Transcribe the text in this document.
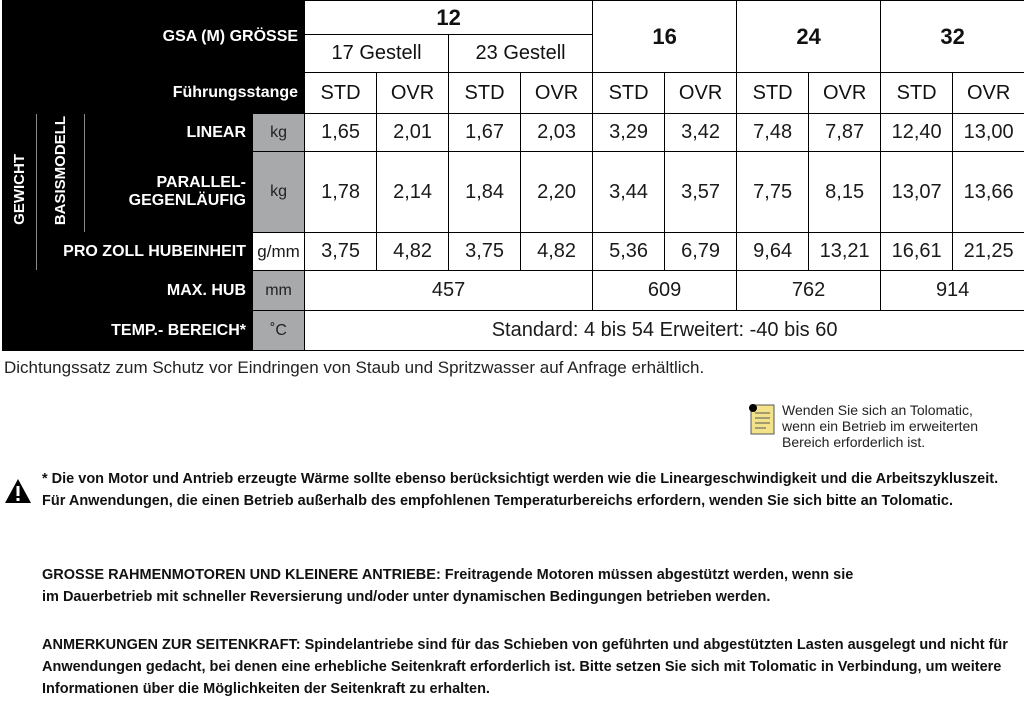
GSA (M) GRÖSSE				12				16		24		32	
				17 Gestell		23 Gestell							
Führungsstange				STD	OVR	STD	OVR	STD	OVR	STD	OVR	STD	OVR
GEWICHT	BASISMODELL	LINEAR	kg	1,65	2,01	1,67	2,03	3,29	3,42	7,48	7,87	12,40	13,00
		PARALLEL-
GEGENLÄUFIG	kg	1,78	2,14	1,84	2,20	3,44	3,57	7,75	8,15	13,07	13,66
	PRO ZOLL HUBEINHEIT		g/mm	3,75	4,82	3,75	4,82	5,36	6,79	9,64	13,21	16,61	21,25
MAX. HUB			mm	457				609		762		914	
TEMP.- BEREICH*			˚C	Standard: 4 bis 54 Erweitert: -40 bis 60									
Dichtungssatz zum Schutz vor Eindringen von Staub und Spritzwasser auf Anfrage erhältlich.
Wenden Sie sich an Tolomatic,
wenn ein Betrieb im erweiterten
Bereich erforderlich ist.
* Die von Motor und Antrieb erzeugte Wärme sollte ebenso berücksichtigt werden wie die Lineargeschwindigkeit und die Arbeitszykluszeit. Für Anwendungen, die einen Betrieb außerhalb des empfohlenen Temperaturbereichs erfordern, wenden Sie sich bitte an Tolomatic.
GROSSE RAHMENMOTOREN UND KLEINERE ANTRIEBE: Freitragende Motoren müssen abgestützt werden, wenn sie
im Dauerbetrieb mit schneller Reversierung und/oder unter dynamischen Bedingungen betrieben werden.
ANMERKUNGEN ZUR SEITENKRAFT: Spindelantriebe sind für das Schieben von geführten und abgestützten Lasten ausgelegt und nicht für Anwendungen gedacht, bei denen eine erhebliche Seitenkraft erforderlich ist. Bitte setzen Sie sich mit Tolomatic in Verbindung, um weitere Informationen über die Möglichkeiten der Seitenkraft zu erhalten.
